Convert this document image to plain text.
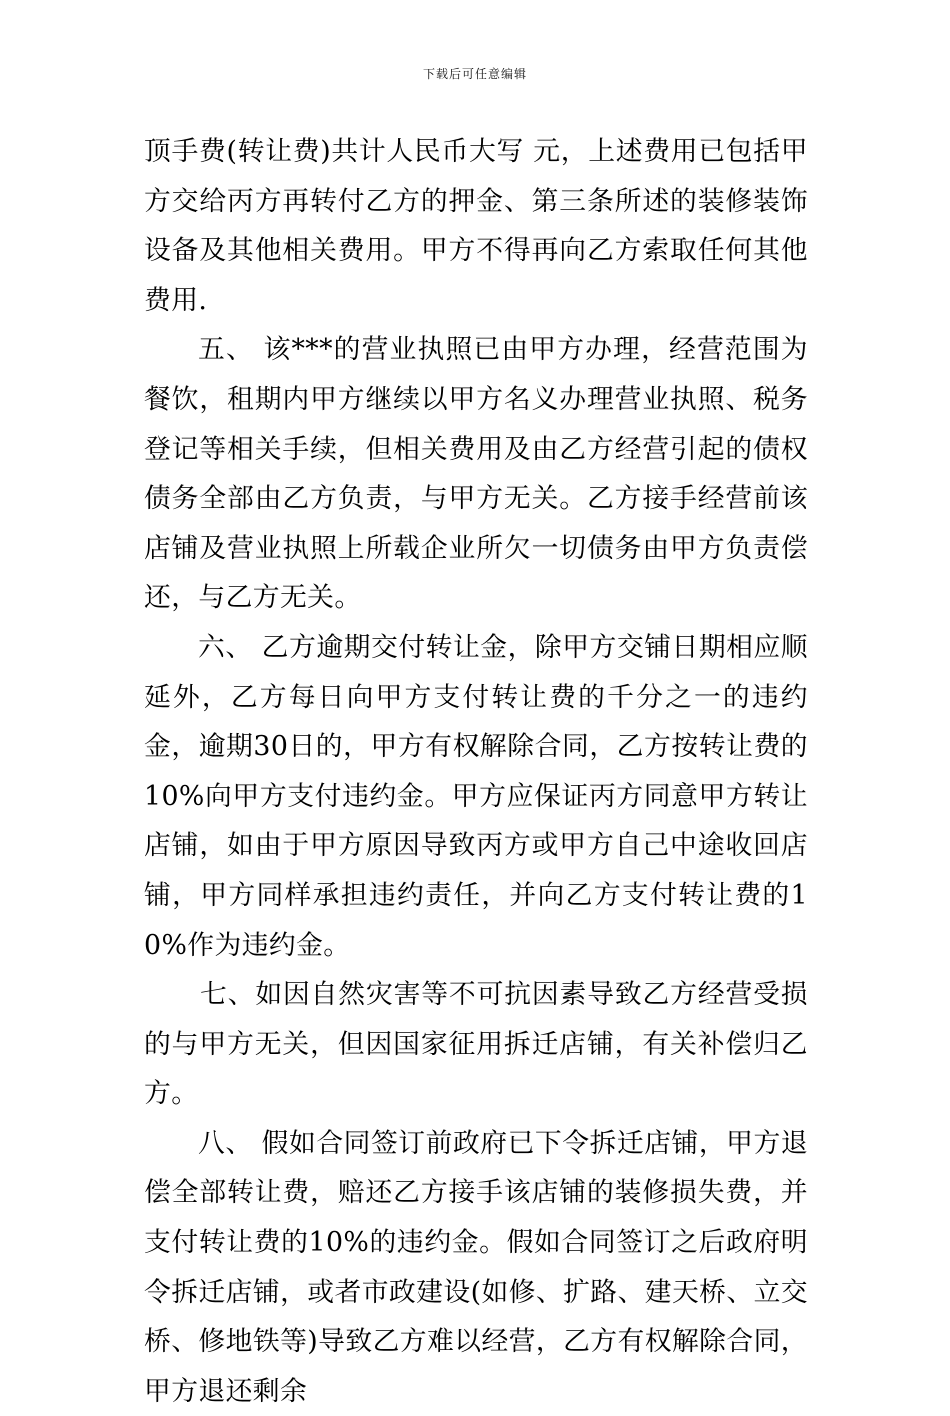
下载后可任意编辑

顶手费(转让费)共计人民币大写 元，上述费用已包括甲方交给丙方再转付乙方的押金、第三条所述的装修装饰设备及其他相关费用。甲方不得再向乙方索取任何其他费用.

五、 该***的营业执照已由甲方办理，经营范围为餐饮，租期内甲方继续以甲方名义办理营业执照、税务登记等相关手续，但相关费用及由乙方经营引起的债权债务全部由乙方负责，与甲方无关。乙方接手经营前该店铺及营业执照上所载企业所欠一切债务由甲方负责偿还，与乙方无关。

六、 乙方逾期交付转让金，除甲方交铺日期相应顺延外，乙方每日向甲方支付转让费的千分之一的违约金，逾期30日的，甲方有权解除合同，乙方按转让费的10%向甲方支付违约金。甲方应保证丙方同意甲方转让店铺，如由于甲方原因导致丙方或甲方自己中途收回店铺，甲方同样承担违约责任，并向乙方支付转让费的10%作为违约金。

七、如因自然灾害等不可抗因素导致乙方经营受损的与甲方无关，但因国家征用拆迁店铺，有关补偿归乙方。

八、 假如合同签订前政府已下令拆迁店铺，甲方退偿全部转让费，赔还乙方接手该店铺的装修损失费，并支付转让费的10%的违约金。假如合同签订之后政府明令拆迁店铺，或者市政建设(如修、扩路、建天桥、立交桥、修地铁等)导致乙方难以经营，乙方有权解除合同，甲方退还剩余
